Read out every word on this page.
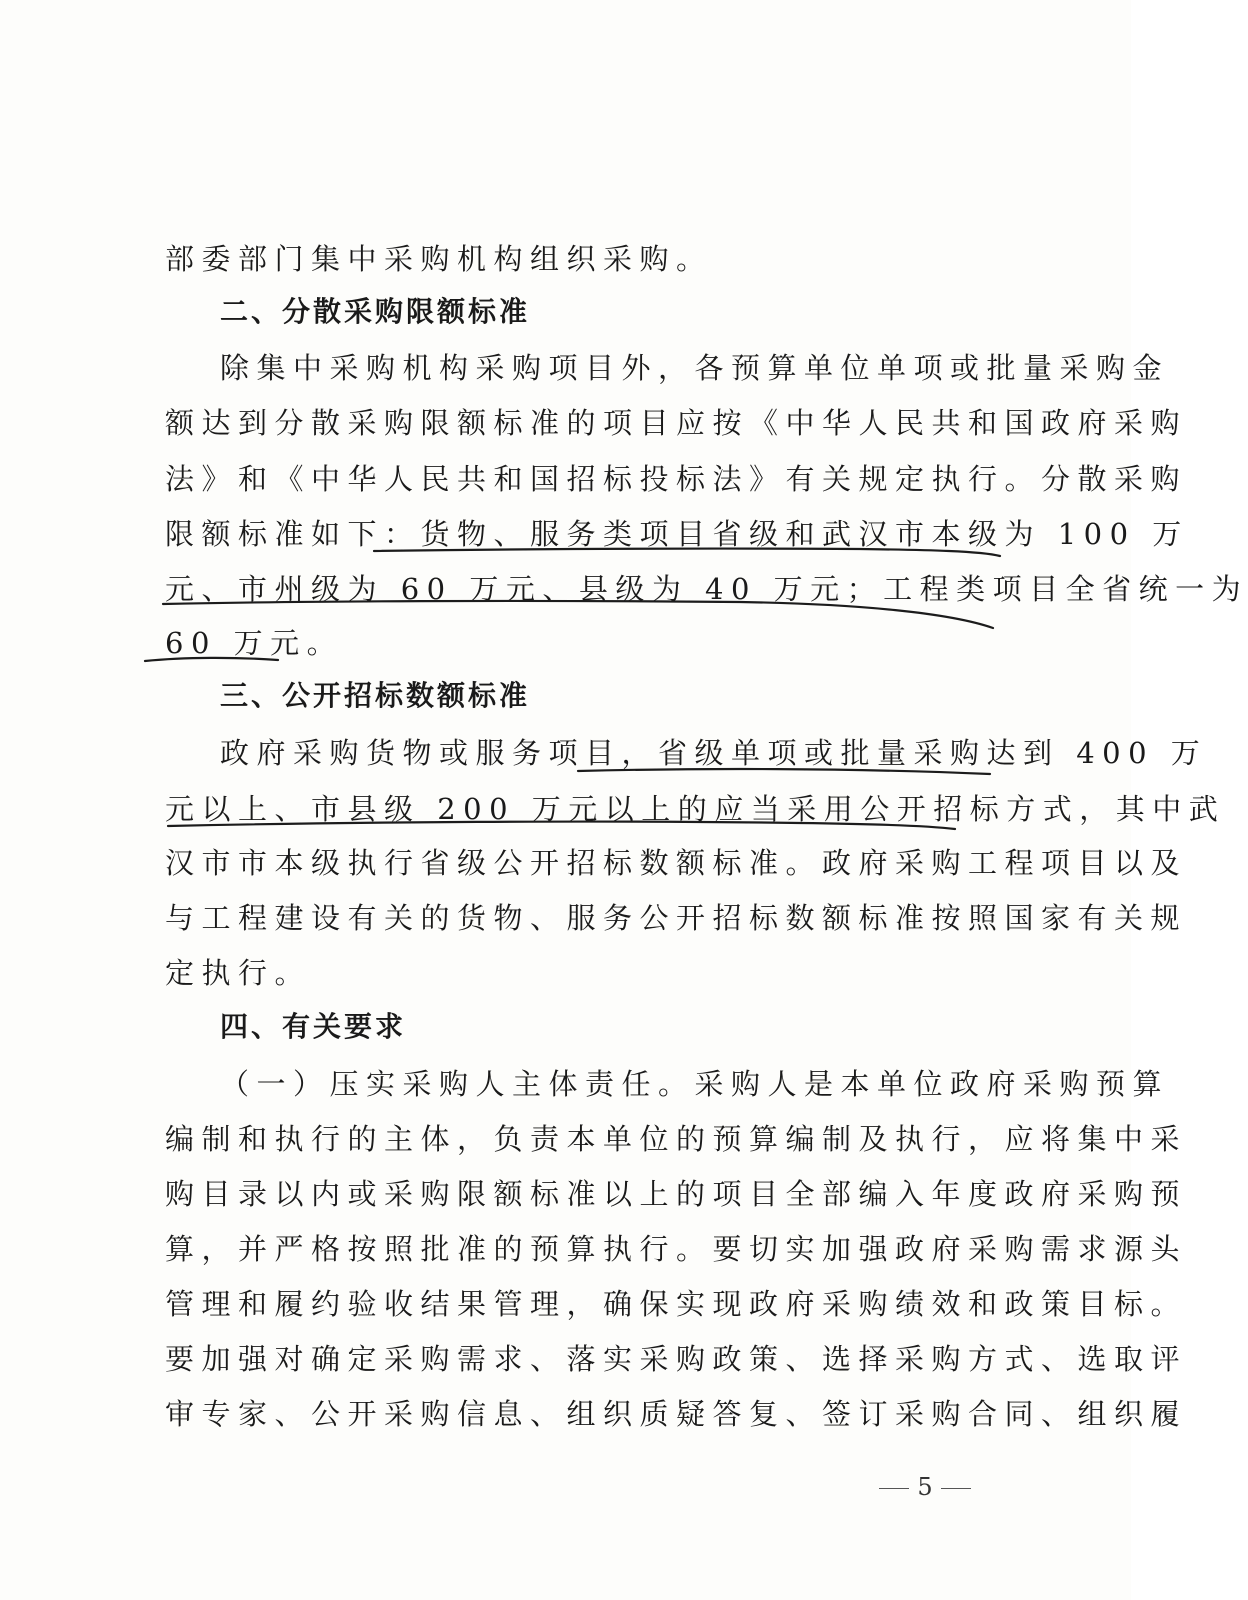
部委部门集中采购机构组织采购。
二、分散采购限额标准
除集中采购机构采购项目外，各预算单位单项或批量采购金
额达到分散采购限额标准的项目应按《中华人民共和国政府采购
法》和《中华人民共和国招标投标法》有关规定执行。分散采购
限额标准如下：货物、服务类项目省级和武汉市本级为 100 万
元、市州级为 60 万元、县级为 40 万元；工程类项目全省统一为
60 万元。
三、公开招标数额标准
政府采购货物或服务项目，省级单项或批量采购达到 400 万
元以上、市县级 200 万元以上的应当采用公开招标方式，其中武
汉市市本级执行省级公开招标数额标准。政府采购工程项目以及
与工程建设有关的货物、服务公开招标数额标准按照国家有关规
定执行。
四、有关要求
（一）压实采购人主体责任。采购人是本单位政府采购预算
编制和执行的主体，负责本单位的预算编制及执行，应将集中采
购目录以内或采购限额标准以上的项目全部编入年度政府采购预
算，并严格按照批准的预算执行。要切实加强政府采购需求源头
管理和履约验收结果管理，确保实现政府采购绩效和政策目标。
要加强对确定采购需求、落实采购政策、选择采购方式、选取评
审专家、公开采购信息、组织质疑答复、签订采购合同、组织履
5
